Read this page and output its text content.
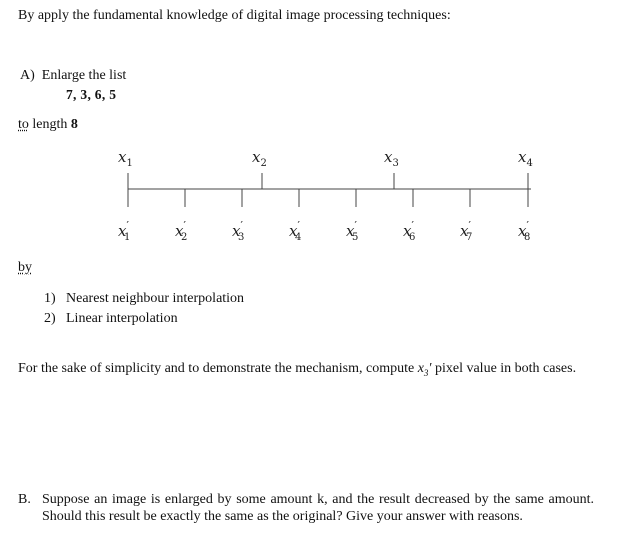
By apply the fundamental knowledge of digital image processing techniques:
A) Enlarge the list
7, 3, 6, 5
to length 8
$x_1$	$x_2$	$x_3$	$x_4$
x′ 1	x′ 2	x′ 3	x′ 4	x′ 5	x′ 6	x′ 7	x′ 8
by
1) Nearest neighbour interpolation
2) Linear interpolation
For the sake of simplicity and to demonstrate the mechanism, compute $x_3'$ pixel value in both cases.
B. Suppose an image is enlarged by some amount k, and the result decreased by the same amount. Should this result be exactly the same as the original? Give your answer with reasons.
